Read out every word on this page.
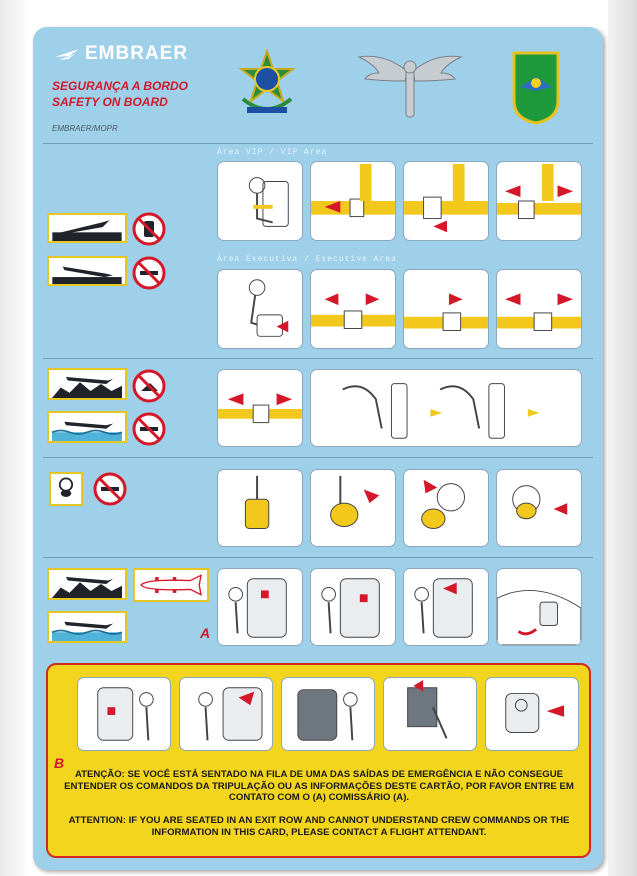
EMBRAER
SEGURANÇA A BORDO
SAFETY ON BOARD
EMBRAER/MOPR
Área VIP / VIP Area
Área Executiva / Executive Area
A
B
ATENÇÃO: SE VOCÊ ESTÁ SENTADO NA FILA DE UMA DAS SAÍDAS DE EMERGÊNCIA E NÃO CONSEGUE ENTENDER OS COMANDOS DA TRIPULAÇÃO OU AS INFORMAÇÕES DESTE CARTÃO, POR FAVOR ENTRE EM CONTATO COM O (A) COMISSÁRIO (A).
ATTENTION: IF YOU ARE SEATED IN AN EXIT ROW AND CANNOT UNDERSTAND CREW COMMANDS OR THE INFORMATION IN THIS CARD, PLEASE CONTACT A FLIGHT ATTENDANT.
